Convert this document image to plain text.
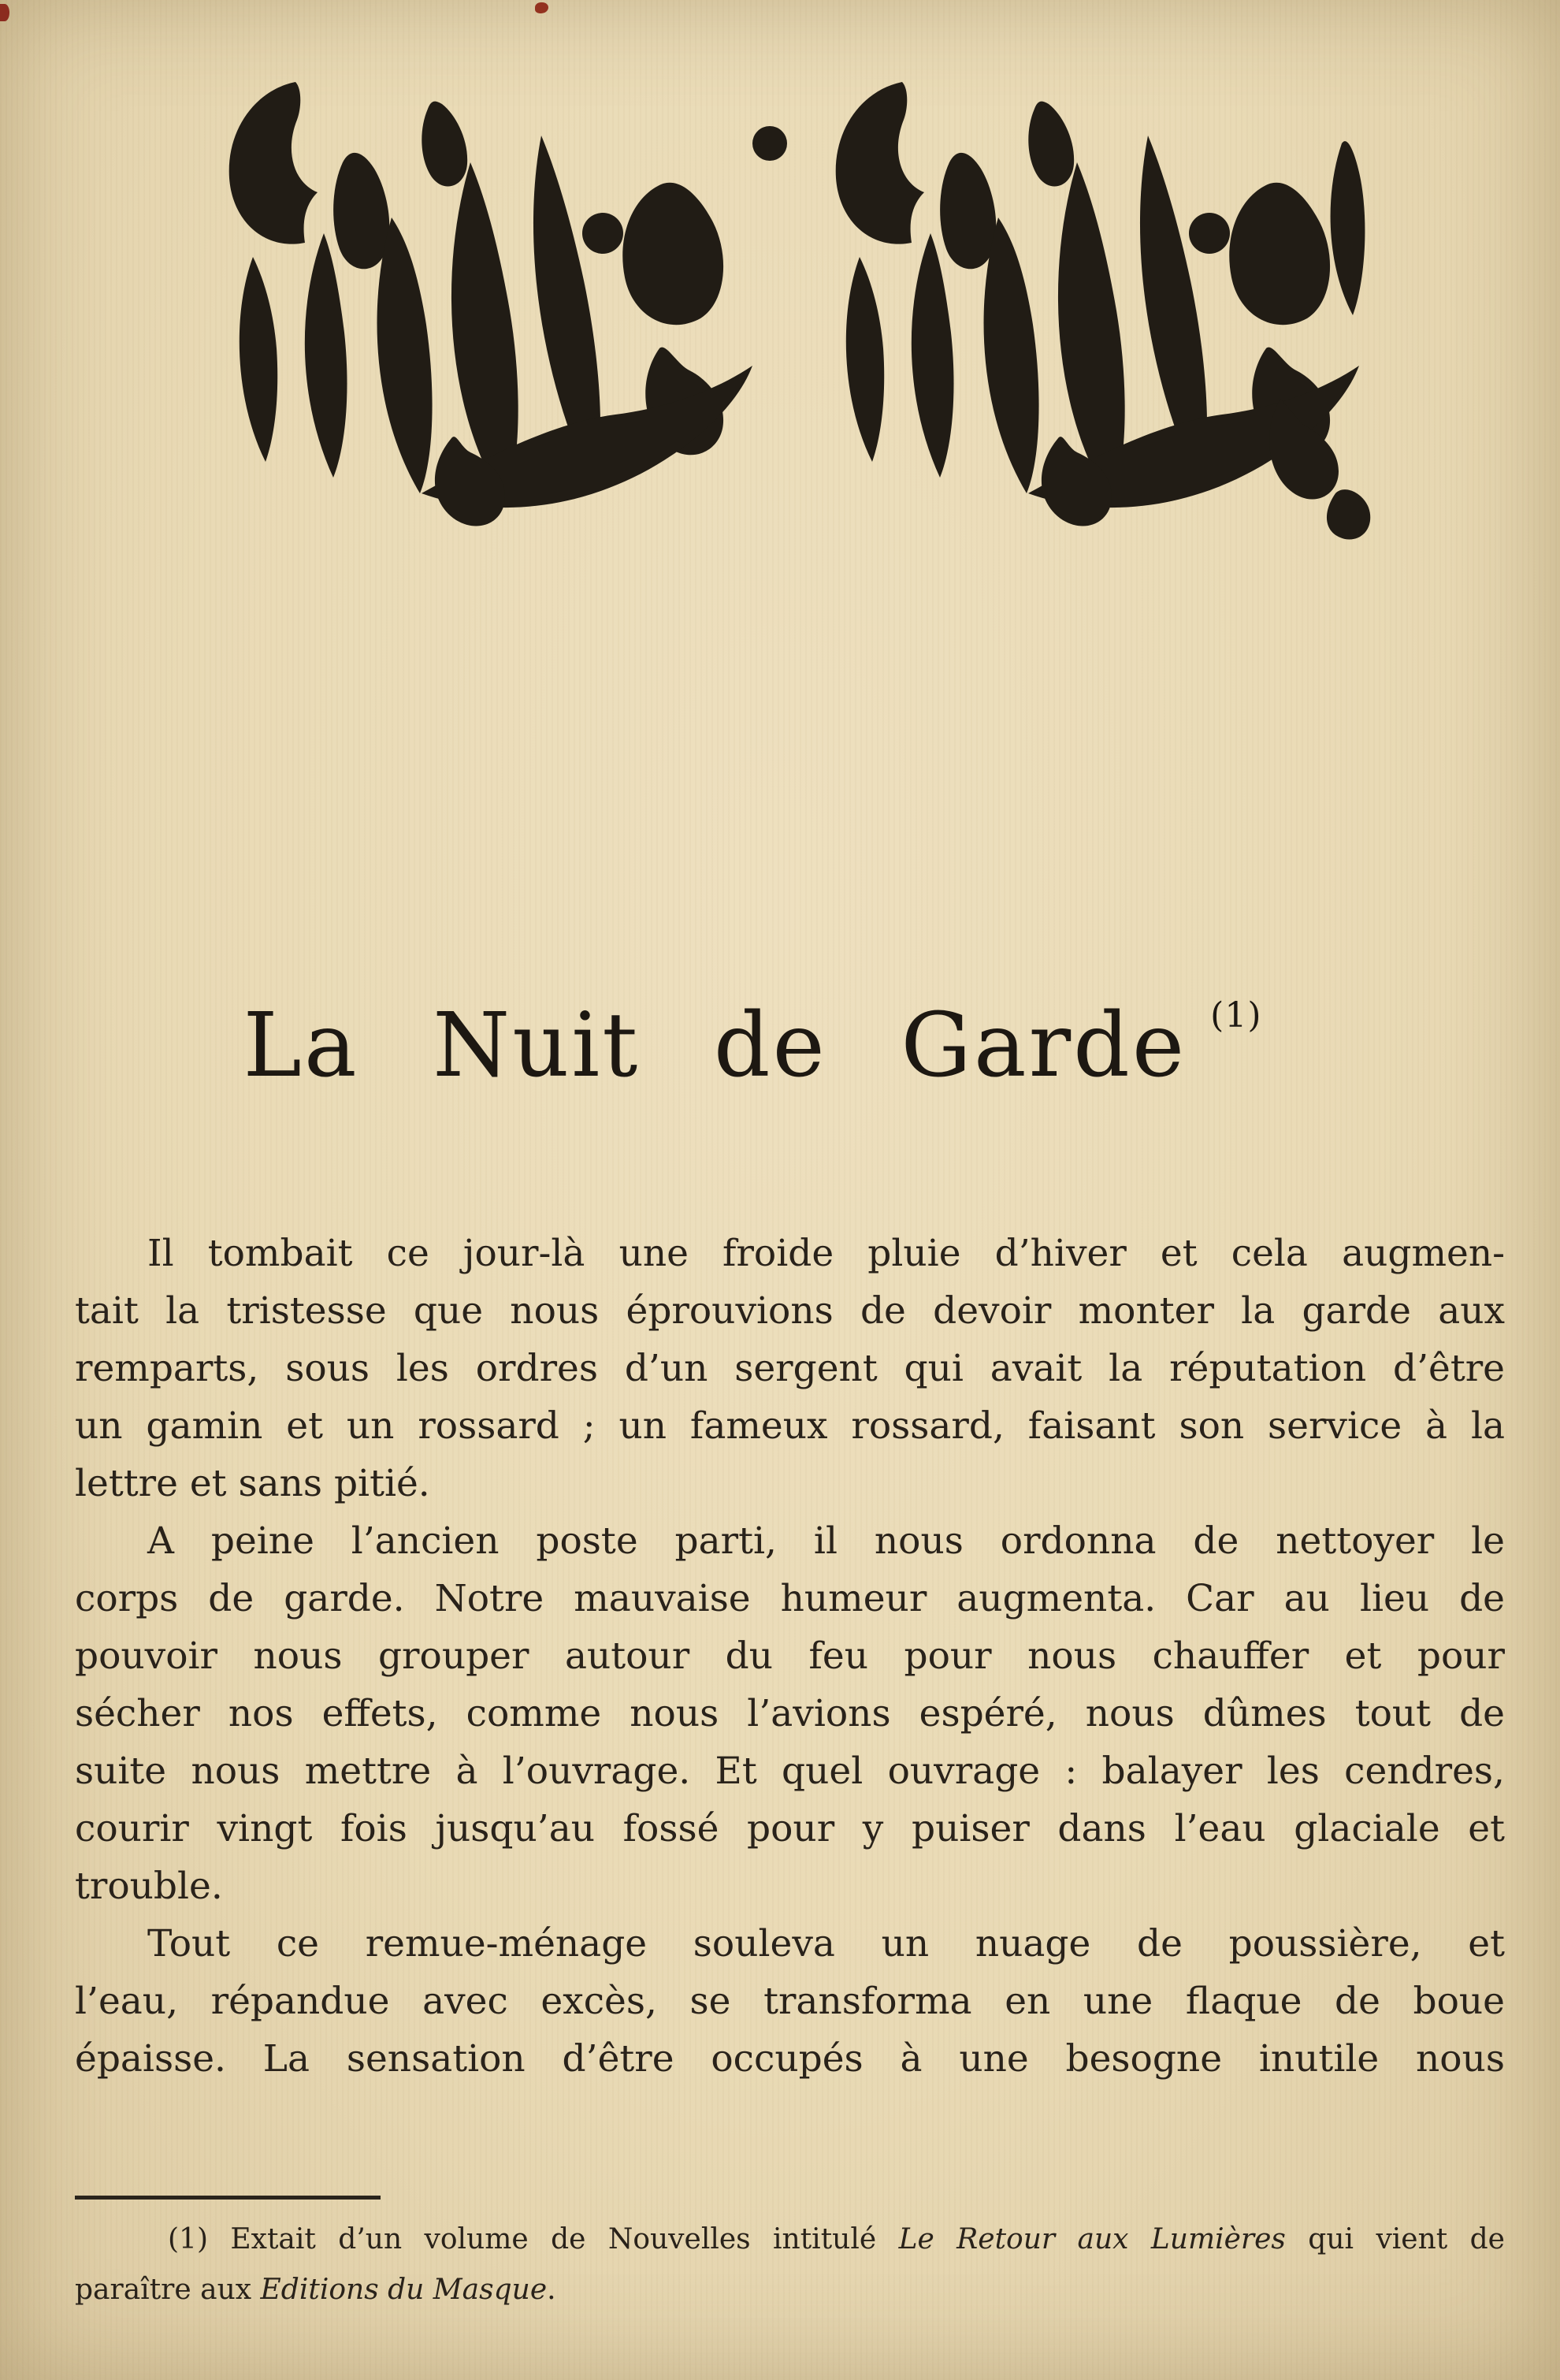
La Nuit de Garde $^{(1)}$
Il tombait ce jour-là une froide pluie d’hiver et cela augmen-
tait la tristesse que nous éprouvions de devoir monter la garde aux
remparts, sous les ordres d’un sergent qui avait la réputation d’être
un gamin et un rossard ; un fameux rossard, faisant son service à la
lettre et sans pitié.
A peine l’ancien poste parti, il nous ordonna de nettoyer le
corps de garde. Notre mauvaise humeur augmenta. Car au lieu de
pouvoir nous grouper autour du feu pour nous chauffer et pour
sécher nos effets, comme nous l’avions espéré, nous dûmes tout de
suite nous mettre à l’ouvrage. Et quel ouvrage : balayer les cendres,
courir vingt fois jusqu’au fossé pour y puiser dans l’eau glaciale et
trouble.
Tout ce remue-ménage souleva un nuage de poussière, et
l’eau, répandue avec excès, se transforma en une flaque de boue
épaisse. La sensation d’être occupés à une besogne inutile nous
(1) Extait d’un volume de Nouvelles intitulé Le Retour aux Lumières qui vient de
paraître aux Editions du Masque.
